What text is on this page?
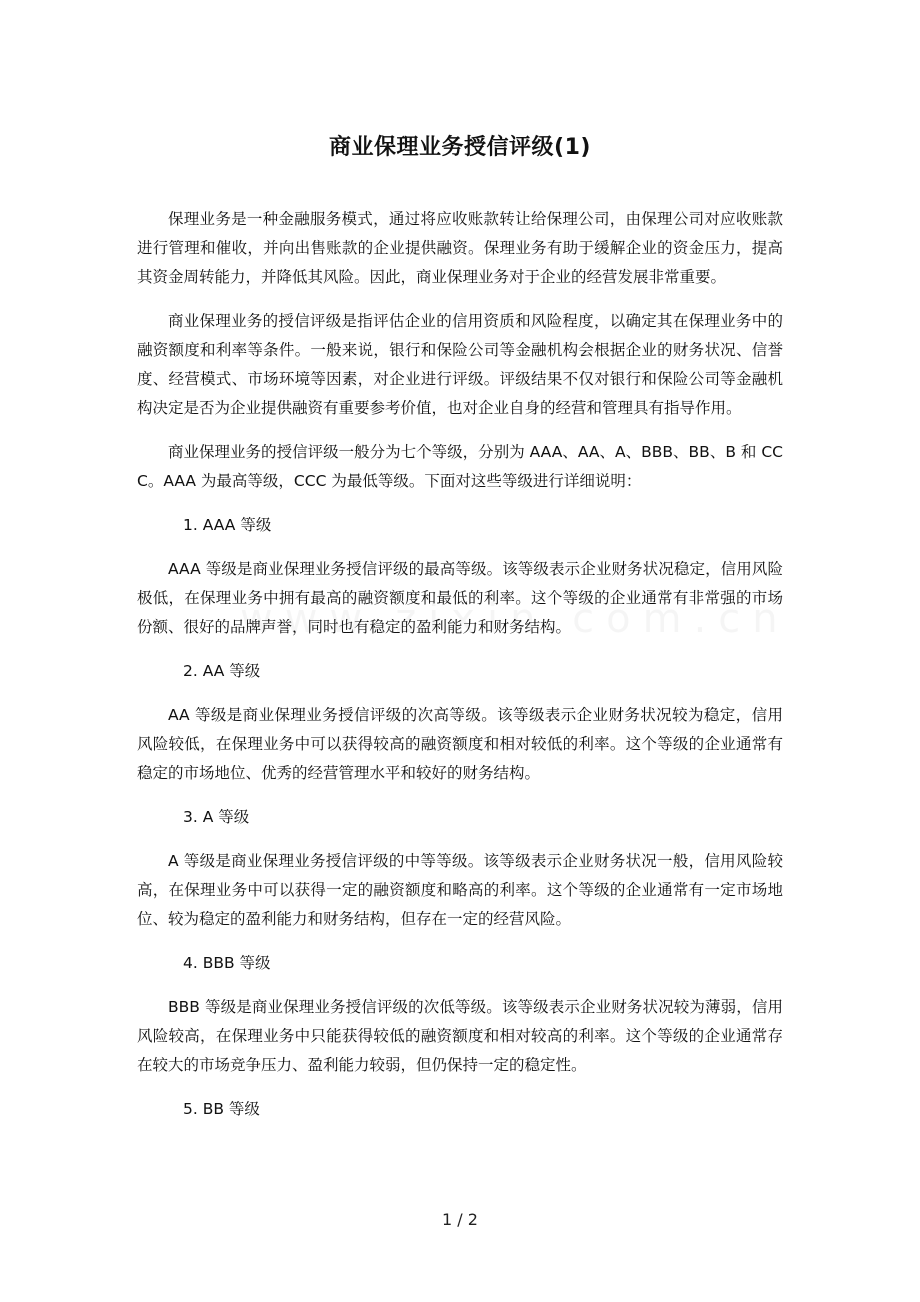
商业保理业务授信评级(1)

保理业务是一种金融服务模式，通过将应收账款转让给保理公司，由保理公司对应收账款进行管理和催收，并向出售账款的企业提供融资。保理业务有助于缓解企业的资金压力，提高其资金周转能力，并降低其风险。因此，商业保理业务对于企业的经营发展非常重要。

商业保理业务的授信评级是指评估企业的信用资质和风险程度，以确定其在保理业务中的融资额度和利率等条件。一般来说，银行和保险公司等金融机构会根据企业的财务状况、信誉度、经营模式、市场环境等因素，对企业进行评级。评级结果不仅对银行和保险公司等金融机构决定是否为企业提供融资有重要参考价值，也对企业自身的经营和管理具有指导作用。

商业保理业务的授信评级一般分为七个等级，分别为 AAA、AA、A、BBB、BB、B 和 CCC。AAA 为最高等级，CCC 为最低等级。下面对这些等级进行详细说明：

1. AAA 等级

AAA 等级是商业保理业务授信评级的最高等级。该等级表示企业财务状况稳定，信用风险极低，在保理业务中拥有最高的融资额度和最低的利率。这个等级的企业通常有非常强的市场份额、很好的品牌声誉，同时也有稳定的盈利能力和财务结构。

2. AA 等级

AA 等级是商业保理业务授信评级的次高等级。该等级表示企业财务状况较为稳定，信用风险较低，在保理业务中可以获得较高的融资额度和相对较低的利率。这个等级的企业通常有稳定的市场地位、优秀的经营管理水平和较好的财务结构。

3. A 等级

A 等级是商业保理业务授信评级的中等等级。该等级表示企业财务状况一般，信用风险较高，在保理业务中可以获得一定的融资额度和略高的利率。这个等级的企业通常有一定市场地位、较为稳定的盈利能力和财务结构，但存在一定的经营风险。

4. BBB 等级

BBB 等级是商业保理业务授信评级的次低等级。该等级表示企业财务状况较为薄弱，信用风险较高，在保理业务中只能获得较低的融资额度和相对较高的利率。这个等级的企业通常存在较大的市场竞争压力、盈利能力较弱，但仍保持一定的稳定性。

5. BB 等级

1 / 2
